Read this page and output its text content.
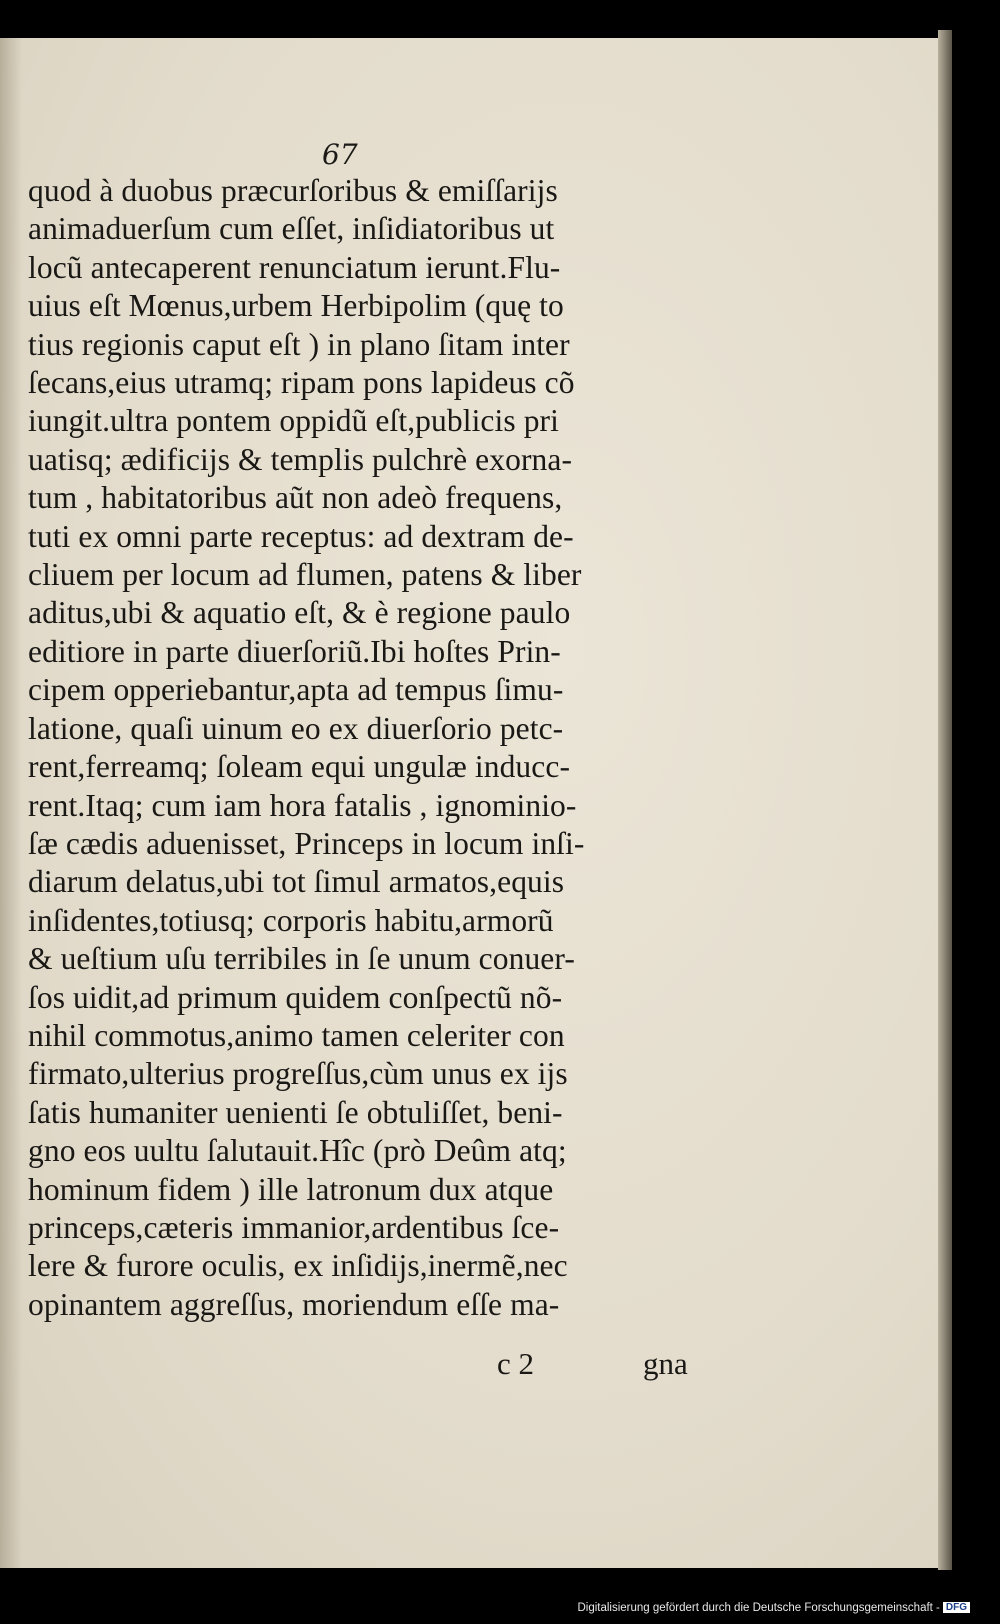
67
quod à duobus præcurſoribus & emiſſarijs
animaduerſum cum eſſet, inſidiatoribus ut
locũ antecaperent renunciatum ierunt.Flu-
uius eſt Mœnus,urbem Herbipolim (quę to
tius regionis caput eſt ) in plano ſitam inter
ſecans,eius utramq; ripam pons lapideus cõ
iungit.ultra pontem oppidũ eſt,publicis pri
uatisq; ædificijs & templis pulchrè exorna-
tum , habitatoribus aũt non adeò frequens,
tuti ex omni parte receptus: ad dextram de-
cliuem per locum ad flumen, patens & liber
aditus,ubi & aquatio eſt, & è regione paulo
editiore in parte diuerſoriũ.Ibi hoſtes Prin-
cipem opperiebantur,apta ad tempus ſimu-
latione, quaſi uinum eo ex diuerſorio petc-
rent,ferreamq; ſoleam equi ungulæ inducc-
rent.Itaq; cum iam hora fatalis , ignominio-
ſæ cædis aduenisset, Princeps in locum inſi-
diarum delatus,ubi tot ſimul armatos,equis
inſidentes,totiusq; corporis habitu,armorũ
& ueſtium uſu terribiles in ſe unum conuer-
ſos uidit,ad primum quidem conſpectũ nõ-
nihil commotus,animo tamen celeriter con
firmato,ulterius progreſſus,cùm unus ex ijs
ſatis humaniter uenienti ſe obtuliſſet, beni-
gno eos uultu ſalutauit.Hîc (prò Deûm atq;
hominum fidem ) ille latronum dux atque
princeps,cæteris immanior,ardentibus ſce-
lere & furore oculis, ex inſidijs,inermẽ,nec
opinantem aggreſſus, moriendum eſſe ma-
c 2	gna
Digitalisierung gefördert durch die Deutsche Forschungsgemeinschaft - DFG
